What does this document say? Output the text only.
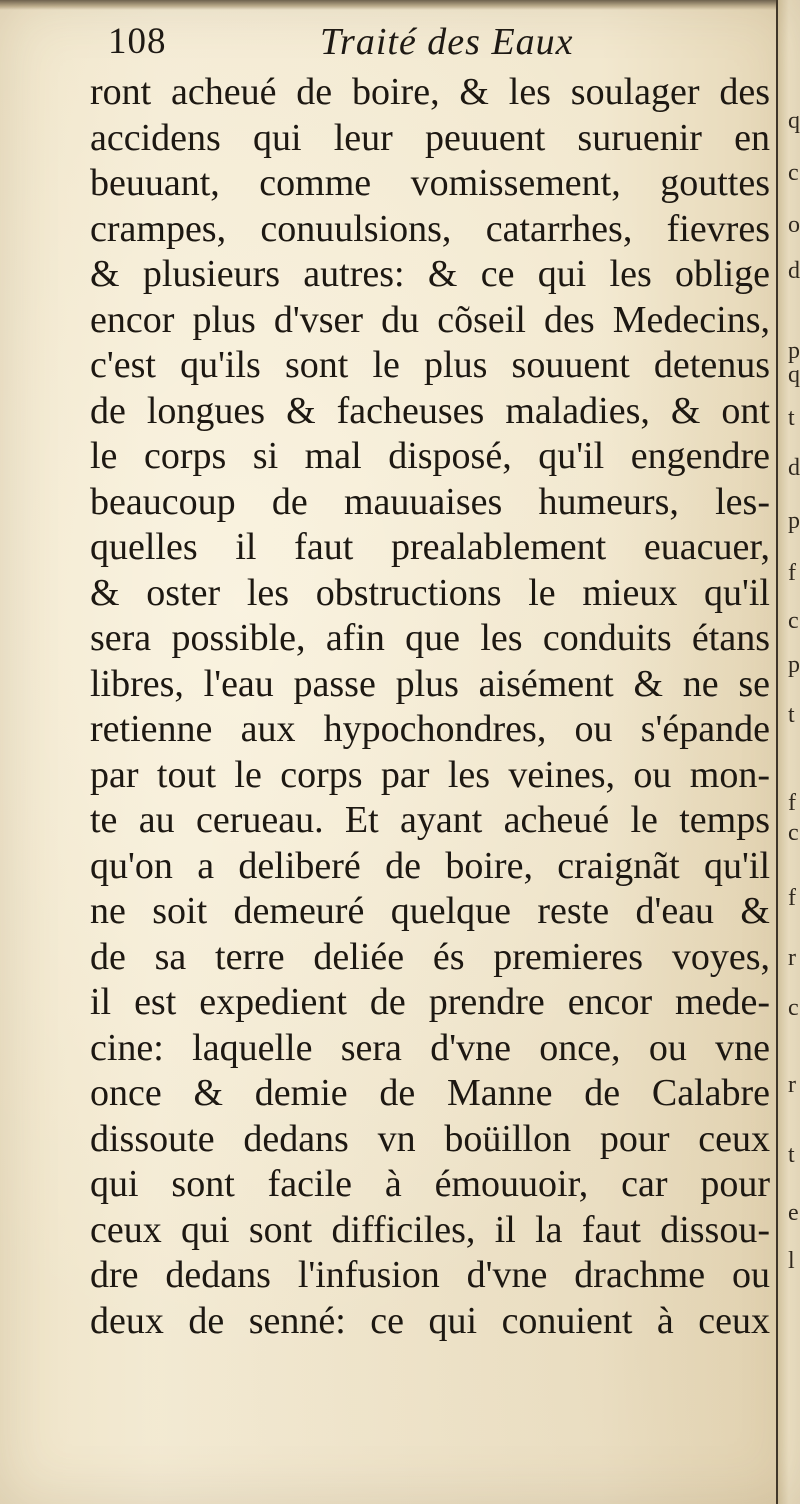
108	Traité des Eaux
ront acheué de boire, & les soulager des
accidens qui leur peuuent suruenir en
beuuant, comme vomissement, gouttes
crampes, conuulsions, catarrhes, fievres
& plusieurs autres: & ce qui les oblige
encor plus d'vser du cõseil des Medecins,
c'est qu'ils sont le plus souuent detenus
de longues & facheuses maladies, & ont
le corps si mal disposé, qu'il engendre
beaucoup de mauuaises humeurs, les-
quelles il faut prealablement euacuer,
& oster les obstructions le mieux qu'il
sera possible, afin que les conduits étans
libres, l'eau passe plus aisément & ne se
retienne aux hypochondres, ou s'épande
par tout le corps par les veines, ou mon-
te au cerueau. Et ayant acheué le temps
qu'on a deliberé de boire, craignãt qu'il
ne soit demeuré quelque reste d'eau &
de sa terre deliée és premieres voyes,
il est expedient de prendre encor mede-
cine: laquelle sera d'vne once, ou vne
once & demie de Manne de Calabre
dissoute dedans vn boüillon pour ceux
qui sont facile à émouuoir, car pour
ceux qui sont difficiles, il la faut dissou-
dre dedans l'infusion d'vne drachme ou
deux de senné: ce qui conuient à ceux
q
c
o
d
p
q
t
d
p
f
c
p
t
f
c
f
r
c
r
t
e
l
